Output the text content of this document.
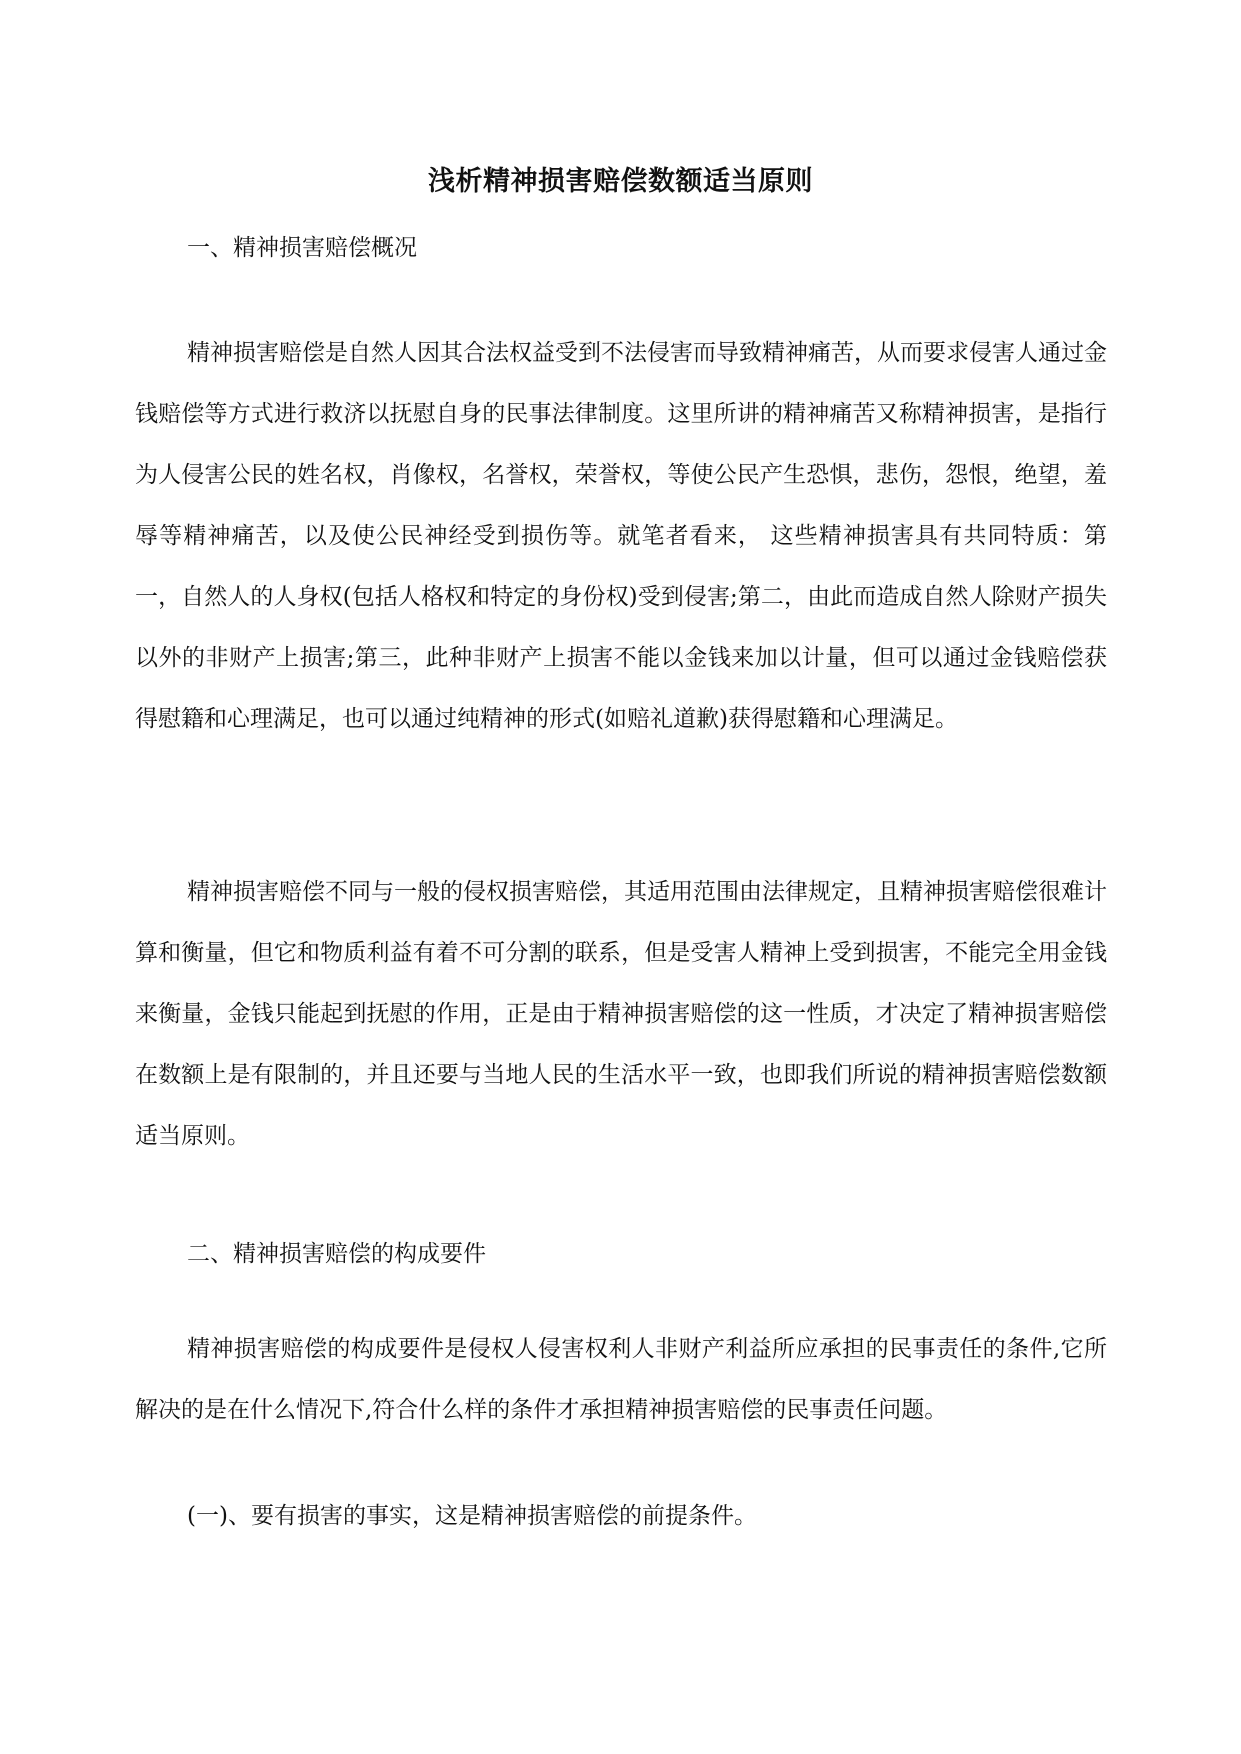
浅析精神损害赔偿数额适当原则

一、精神损害赔偿概况

精神损害赔偿是自然人因其合法权益受到不法侵害而导致精神痛苦，从而要求侵害人通过金钱赔偿等方式进行救济以抚慰自身的民事法律制度。这里所讲的精神痛苦又称精神损害，是指行为人侵害公民的姓名权，肖像权，名誉权，荣誉权，等使公民产生恐惧，悲伤，怨恨，绝望，羞辱等精神痛苦，以及使公民神经受到损伤等。就笔者看来， 这些精神损害具有共同特质：第一，自然人的人身权(包括人格权和特定的身份权)受到侵害;第二，由此而造成自然人除财产损失以外的非财产上损害;第三，此种非财产上损害不能以金钱来加以计量，但可以通过金钱赔偿获得慰籍和心理满足，也可以通过纯精神的形式(如赔礼道歉)获得慰籍和心理满足。

精神损害赔偿不同与一般的侵权损害赔偿，其适用范围由法律规定，且精神损害赔偿很难计算和衡量，但它和物质利益有着不可分割的联系，但是受害人精神上受到损害，不能完全用金钱来衡量，金钱只能起到抚慰的作用，正是由于精神损害赔偿的这一性质，才决定了精神损害赔偿在数额上是有限制的，并且还要与当地人民的生活水平一致，也即我们所说的精神损害赔偿数额适当原则。

二、精神损害赔偿的构成要件

精神损害赔偿的构成要件是侵权人侵害权利人非财产利益所应承担的民事责任的条件,它所解决的是在什么情况下,符合什么样的条件才承担精神损害赔偿的民事责任问题。

(一)、要有损害的事实，这是精神损害赔偿的前提条件。
